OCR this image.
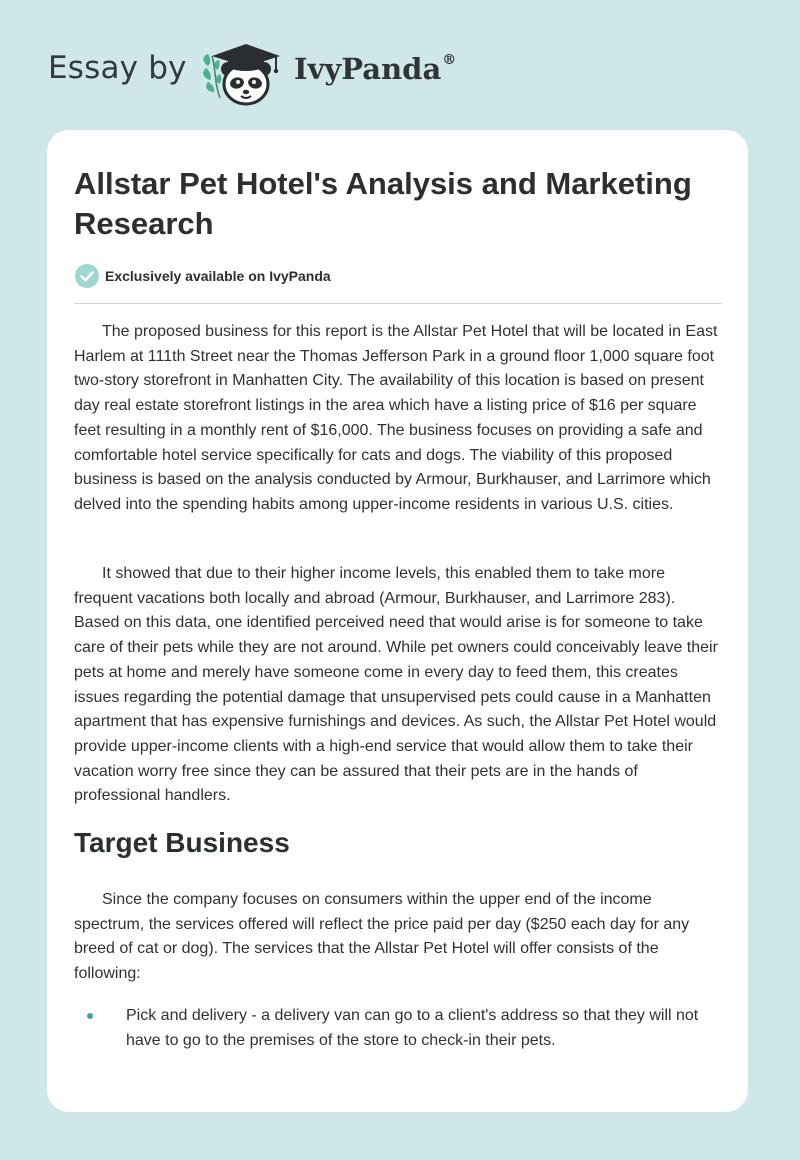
Essay by	IvyPanda®
Allstar Pet Hotel's Analysis and Marketing Research
Exclusively available on IvyPanda

The proposed business for this report is the Allstar Pet Hotel that will be located in East Harlem at 111th Street near the Thomas Jefferson Park in a ground floor 1,000 square foot two-story storefront in Manhatten City. The availability of this location is based on present day real estate storefront listings in the area which have a listing price of $16 per square feet resulting in a monthly rent of $16,000. The business focuses on providing a safe and comfortable hotel service specifically for cats and dogs. The viability of this proposed business is based on the analysis conducted by Armour, Burkhauser, and Larrimore which delved into the spending habits among upper-income residents in various U.S. cities.

It showed that due to their higher income levels, this enabled them to take more frequent vacations both locally and abroad (Armour, Burkhauser, and Larrimore 283). Based on this data, one identified perceived need that would arise is for someone to take care of their pets while they are not around. While pet owners could conceivably leave their pets at home and merely have someone come in every day to feed them, this creates issues regarding the potential damage that unsupervised pets could cause in a Manhatten apartment that has expensive furnishings and devices. As such, the Allstar Pet Hotel would provide upper-income clients with a high-end service that would allow them to take their vacation worry free since they can be assured that their pets are in the hands of professional handlers.

Target Business

Since the company focuses on consumers within the upper end of the income spectrum, the services offered will reflect the price paid per day ($250 each day for any breed of cat or dog). The services that the Allstar Pet Hotel will offer consists of the following:

Pick and delivery - a delivery van can go to a client's address so that they will not have to go to the premises of the store to check-in their pets.
